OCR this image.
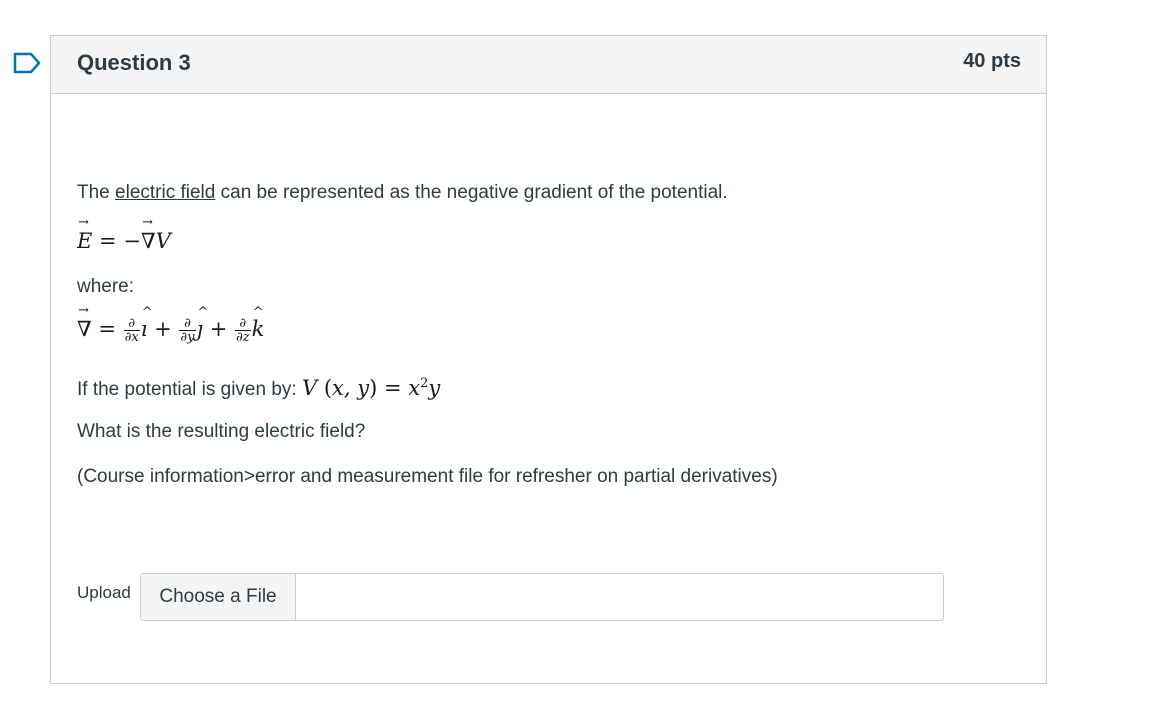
Question 3	40 pts
The electric field can be represented as the negative gradient of the potential.
→ E = −→ ∇V
where:
→ ∇ = $\frac{\partial}{\partial x}$ ^ ı + $\frac{\partial}{\partial y}$ ^ ȷ + $\frac{\partial}{\partial z}$ ^ k
If the potential is given by: V (x, $y) = x^2y$
What is the resulting electric field?
(Course information>error and measurement file for refresher on partial derivatives)
Upload	Choose a File
